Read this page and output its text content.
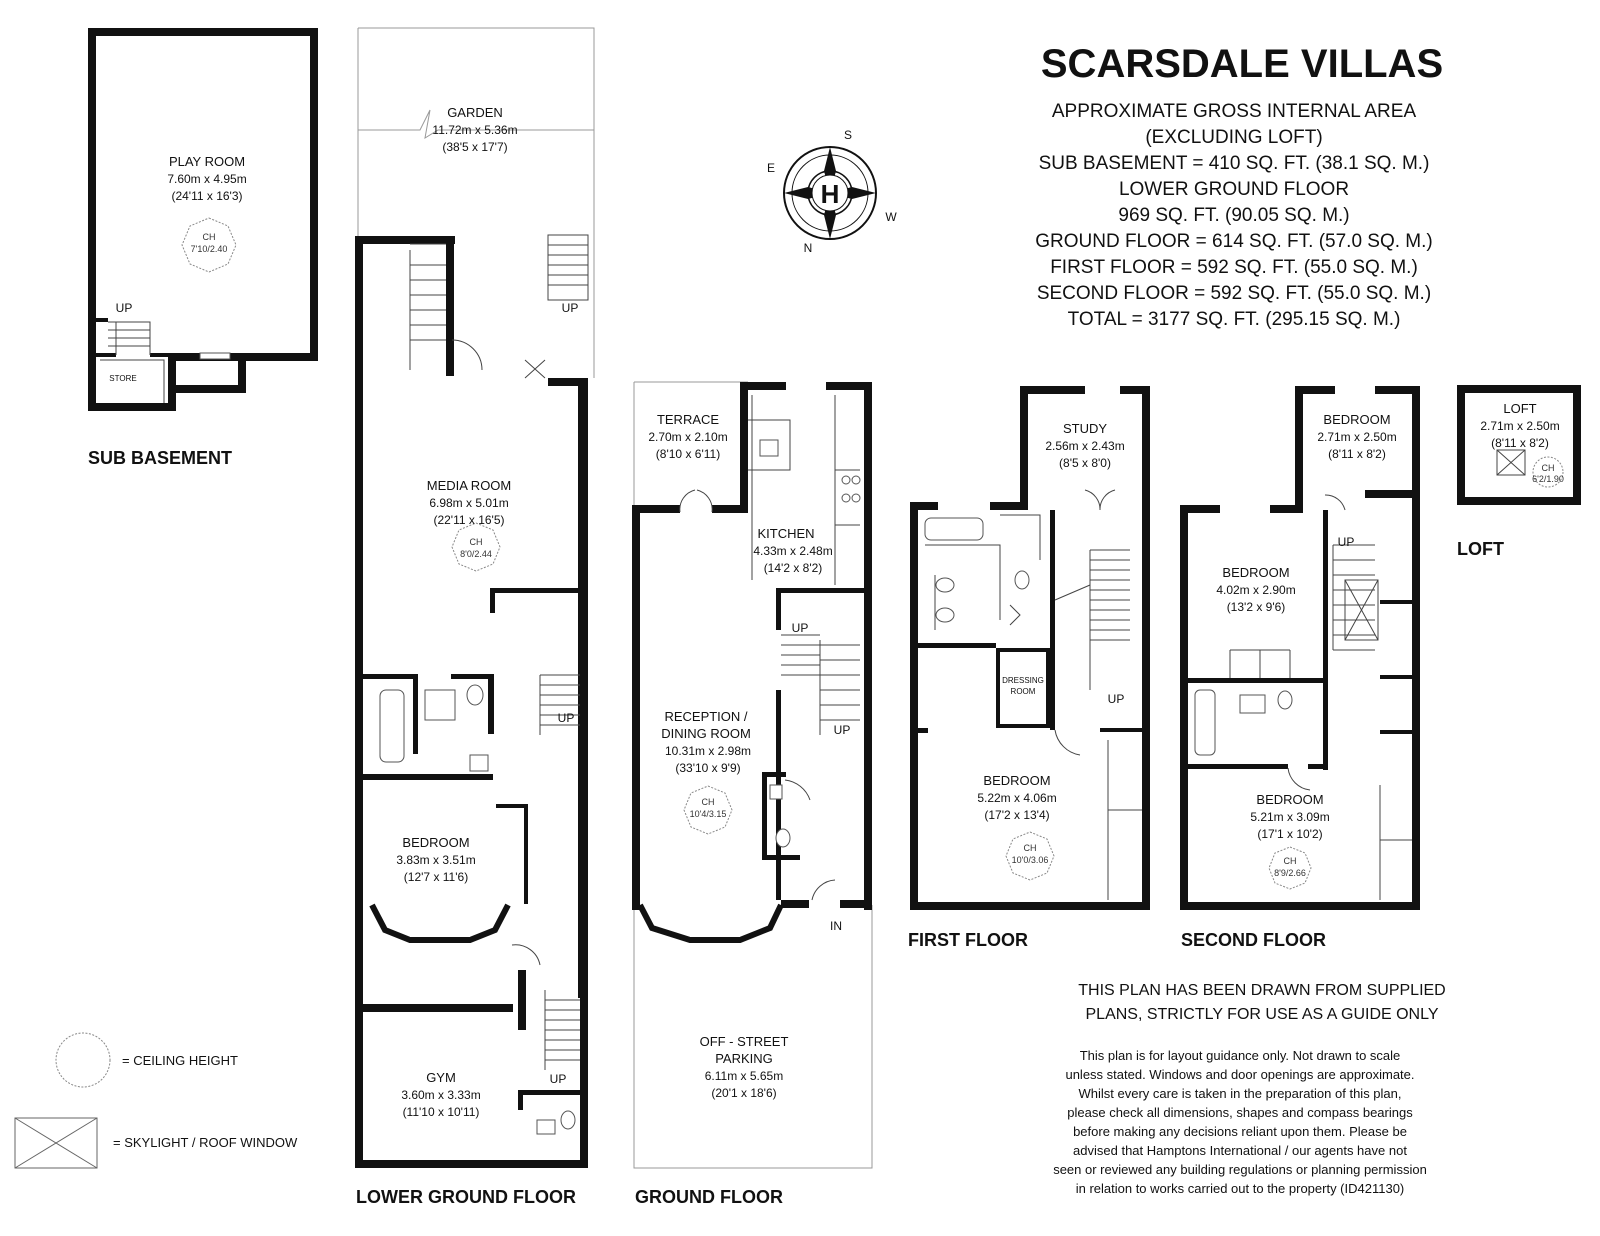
PLAY ROOM
7.60m x 4.95m
(24'11 x 16'3)
CH
7'10/2.40
UP
STORE
SUB BASEMENT
GARDEN
11.72m x 5.36m
(38'5 x 17'7)
UP
MEDIA ROOM
6.98m x 5.01m
(22'11 x 16'5)
CH
8'0/2.44
UP
BEDROOM
3.83m x 3.51m
(12'7 x 11'6)
GYM
3.60m x 3.33m
(11'10 x 10'11)
UP
LOWER GROUND FLOOR
TERRACE
2.70m x 2.10m
(8'10 x 6'11)
KITCHEN
4.33m x 2.48m
(14'2 x 8'2)
UP
UP
RECEPTION /
DINING ROOM
10.31m x 2.98m
(33'10 x 9'9)
CH
10'4/3.15
IN
OFF - STREET
PARKING
6.11m x 5.65m
(20'1 x 18'6)
GROUND FLOOR
H
S
E
W
N
SCARSDALE VILLAS
APPROXIMATE GROSS INTERNAL AREA
(EXCLUDING LOFT)
SUB BASEMENT = 410 SQ. FT. (38.1 SQ. M.)
LOWER GROUND FLOOR
969 SQ. FT. (90.05 SQ. M.)
GROUND FLOOR = 614 SQ. FT. (57.0 SQ. M.)
FIRST FLOOR = 592 SQ. FT. (55.0 SQ. M.)
SECOND FLOOR = 592 SQ. FT. (55.0 SQ. M.)
TOTAL = 3177 SQ. FT. (295.15 SQ. M.)
STUDY
2.56m x 2.43m
(8'5 x 8'0)
DRESSING
ROOM
UP
BEDROOM
5.22m x 4.06m
(17'2 x 13'4)
CH
10'0/3.06
FIRST FLOOR
BEDROOM
2.71m x 2.50m
(8'11 x 8'2)
UP
BEDROOM
4.02m x 2.90m
(13'2 x 9'6)
BEDROOM
5.21m x 3.09m
(17'1 x 10'2)
CH
8'9/2.66
SECOND FLOOR
LOFT
2.71m x 2.50m
(8'11 x 8'2)
CH
6'2/1.90
LOFT
= CEILING HEIGHT
= SKYLIGHT / ROOF WINDOW
THIS PLAN HAS BEEN DRAWN FROM SUPPLIED
PLANS, STRICTLY FOR USE AS A GUIDE ONLY
This plan is for layout guidance only. Not drawn to scale
unless stated. Windows and door openings are approximate.
Whilst every care is taken in the preparation of this plan,
please check all dimensions, shapes and compass bearings
before making any decisions reliant upon them. Please be
advised that Hamptons International / our agents have not
seen or reviewed any building regulations or planning permission
in relation to works carried out to the property (ID421130)
